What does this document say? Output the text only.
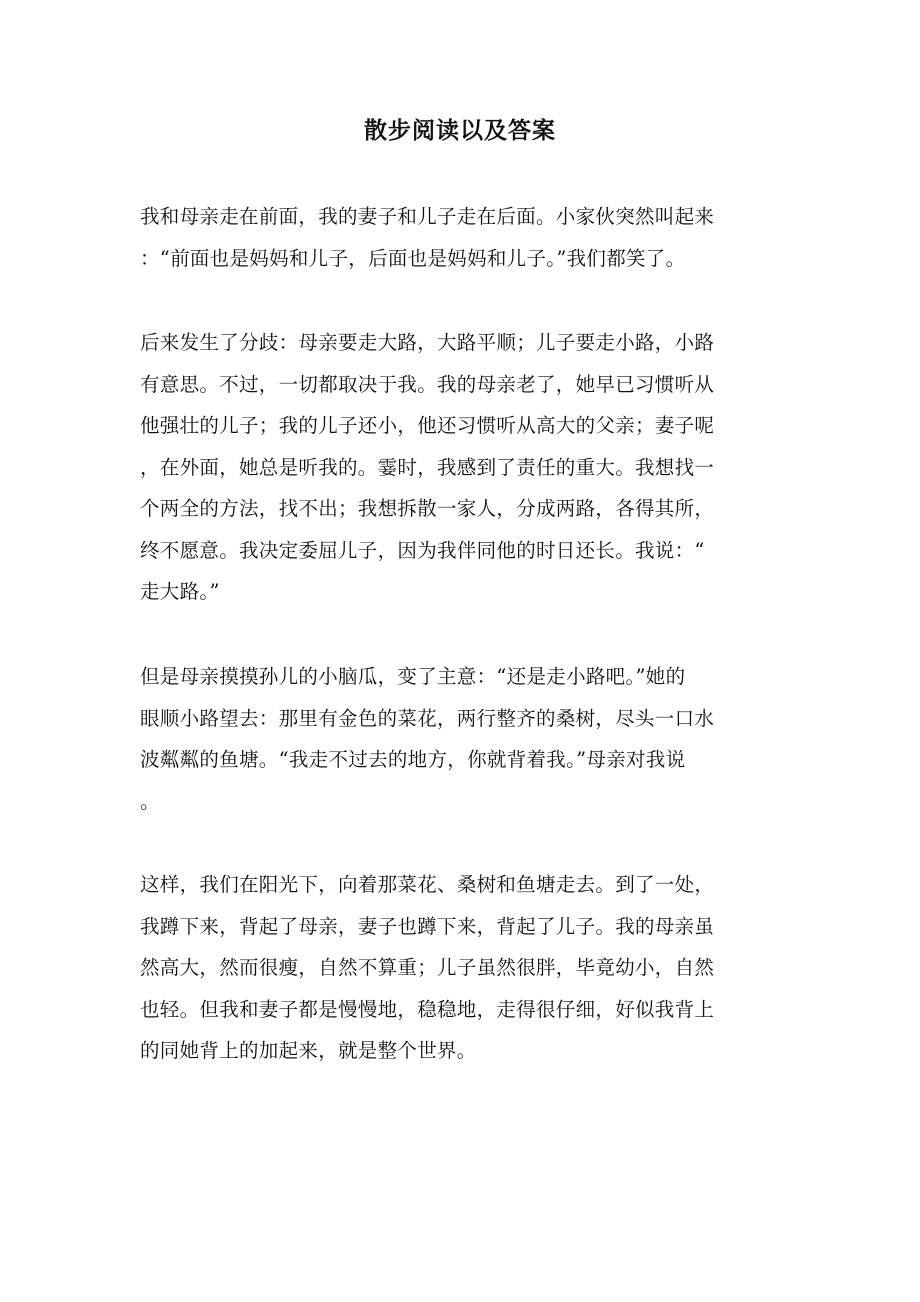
散步阅读以及答案

我和母亲走在前面，我的妻子和儿子走在后面。小家伙突然叫起来
：“前面也是妈妈和儿子，后面也是妈妈和儿子。”我们都笑了。

后来发生了分歧：母亲要走大路，大路平顺；儿子要走小路，小路
有意思。不过，一切都取决于我。我的母亲老了，她早已习惯听从
他强壮的儿子；我的儿子还小，他还习惯听从高大的父亲；妻子呢
，在外面，她总是听我的。霎时，我感到了责任的重大。我想找一
个两全的方法，找不出；我想拆散一家人，分成两路，各得其所，
终不愿意。我决定委屈儿子，因为我伴同他的时日还长。我说：“
走大路。”

但是母亲摸摸孙儿的小脑瓜，变了主意：“还是走小路吧。”她的
眼顺小路望去：那里有金色的菜花，两行整齐的桑树，尽头一口水
波粼粼的鱼塘。“我走不过去的地方，你就背着我。”母亲对我说
。

这样，我们在阳光下，向着那菜花、桑树和鱼塘走去。到了一处，
我蹲下来，背起了母亲，妻子也蹲下来，背起了儿子。我的母亲虽
然高大，然而很瘦，自然不算重；儿子虽然很胖，毕竟幼小，自然
也轻。但我和妻子都是慢慢地，稳稳地，走得很仔细，好似我背上
的同她背上的加起来，就是整个世界。
